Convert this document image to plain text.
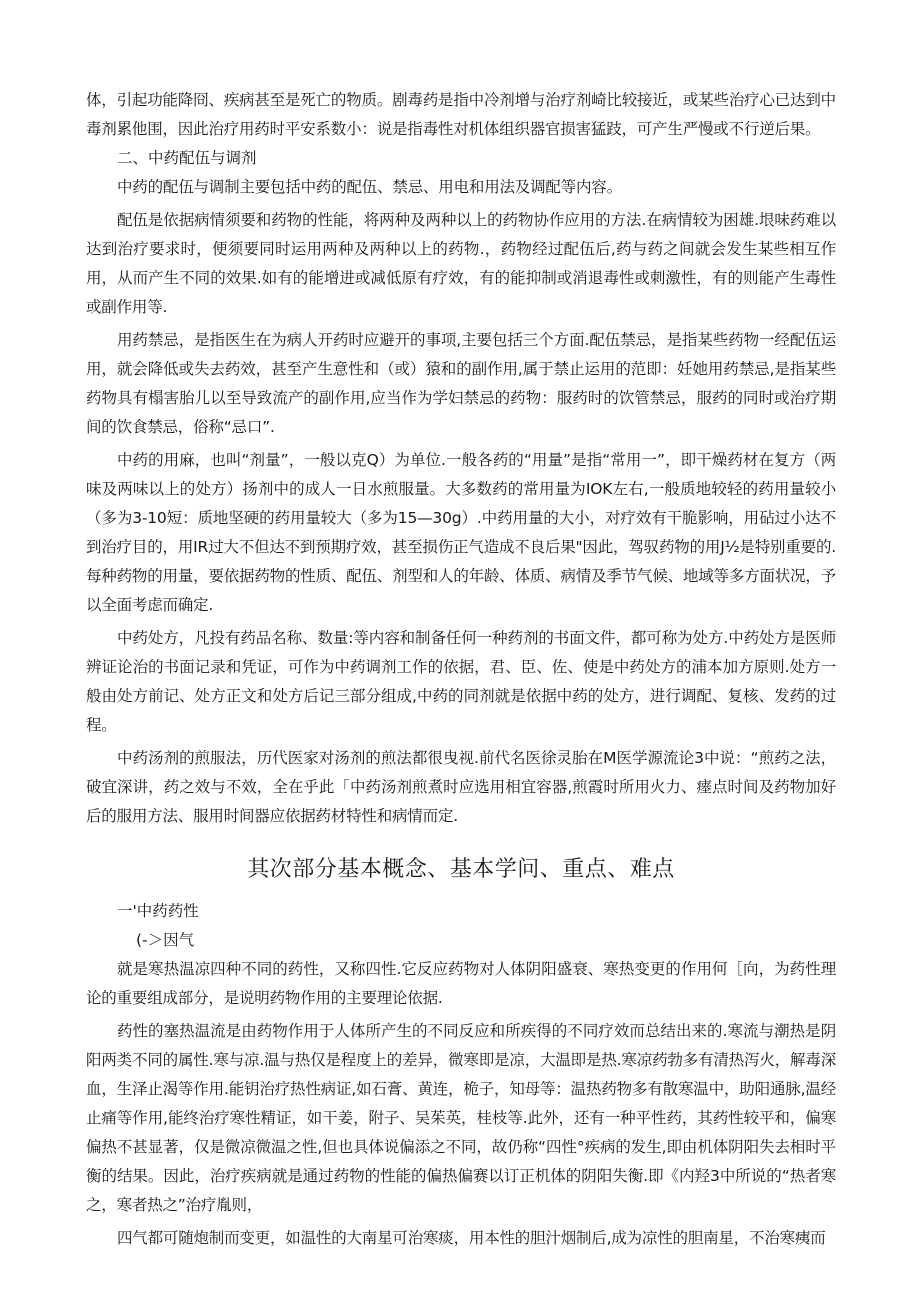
体，引起功能降冏、疾病甚至是死亡的物质。剧毒药是指中冷剂增与治疗剂崎比较接近，或某些治疗心已达到中毒剂累他围，因此治疗用药时平安系数小：说是指毒性对机体组织器官损害猛跂，可产生严慢或不行逆后果。

二、中药配伍与调剂

中药的配伍与调制主要包括中药的配伍、禁忌、用电和用法及调配等内容。

配伍是依据病情须要和药物的性能，将两种及两种以上的药物协作应用的方法.在病情较为困雄.垠味药难以达到治疗要求时，便须要同时运用两种及两种以上的药物.，药物经过配伍后,药与药之间就会发生某些相互作用，从而产生不同的效果.如有的能增进或减低原有疗效，有的能抑制或消退毒性或刺激性，有的则能产生毒性或副作用等.

用药禁忌，是指医生在为病人开药时应避开的事项,主要包括三个方面.配伍禁忌，是指某些药物一经配伍运用，就会降低或失去药效，甚至产生意性和（或）猿和的副作用,属于禁止运用的范即：妊她用药禁忌,是指某些药物具有榻害胎儿以至导致流产的副作用,应当作为学妇禁忌的药物：服药时的饮管禁忌，服药的同时或治疗期间的饮食禁忌，俗称“忌口”.

中药的用麻，也叫“剂量”，一般以克Q）为单位.一般各药的“用量”是指“常用一”，即干燥药材在复方（两味及两味以上的处方）扬剂中的成人一日水煎服量。大多数药的常用量为IOK左右,一般质地较轻的药用量较小（多为3-10短：质地坚硬的药用量较大（多为15—30g）.中药用量的大小，对疗效有干脆影响，用砧过小达不到治疗目的，用IR过大不但达不到预期疗效，甚至损伤正气造成不良后果"因此，驾驭药物的用J½是特别重要的.每种药物的用量，要依据药物的性质、配伍、剂型和人的年龄、体质、病情及季节气候、地域等多方面状况，予以全面考虑而确定.

中药处方，凡投有药品名称、数量:等内容和制备任何一种药剂的书面文件，都可称为处方.中药处方是医师辨证论治的书面记录和凭证，可作为中药调剂工作的依据，君、臣、佐、使是中药处方的浦本加方原则.处方一般由处方前记、处方正文和处方后记三部分组成,中药的同剂就是依据中药的处方，进行调配、复核、发药的过程。

中药汤剂的煎服法，历代医家对汤剂的煎法都很曳视.前代名医徐灵胎在M医学源流论3中说：“煎药之法，破宜深讲，药之效与不效，全在乎此「中药汤剂煎煮时应选用相宜容器,煎霞时所用火力、瘗点时间及药物加好后的服用方法、服用时间器应依据药材特性和病情而定.

其次部分基本概念、基本学问、重点、难点

一'中药药性

(-＞因气

就是寒热温凉四种不同的药性，又称四性.它反应药物对人体阴阳盛衰、寒热变更的作用何［向，为药性理论的重要组成部分，是说明药物作用的主要理论依据.

药性的塞热温流是由药物作用于人体所产生的不同反应和所疾得的不同疗效而总结出来的.寒流与潮热是阴阳两类不同的属性.寒与凉.温与热仅是程度上的差异，微寒即是凉，大温即是热.寒凉药勃多有清热泻火，解毒深血，生泽止渴等作用.能钥治疗热性病证,如石膏、黄连，桅子，知母等：温热药物多有散寒温中，助阳通脉,温经止痛等作用,能终治疗寒性精证，如干姜，附子、吴茱英，桂枝等.此外，还有一种平性药，其药性较平和，偏寒偏热不甚显著，仅是微凉微温之性,但也具体说偏添之不同，故仍称“四性°疾病的发生,即由机体阴阳失去相时平衡的结果。因此，治疗疾病就是通过药物的性能的偏热偏赛以订正机体的阴阳失衡.即《内羟3中所说的“热者寒之，寒者热之”治疗胤则，

四气都可随炮制而变更，如温性的大南星可治寒痰，用本性的胆汁烟制后,成为凉性的胆南星，不治寒痍而
